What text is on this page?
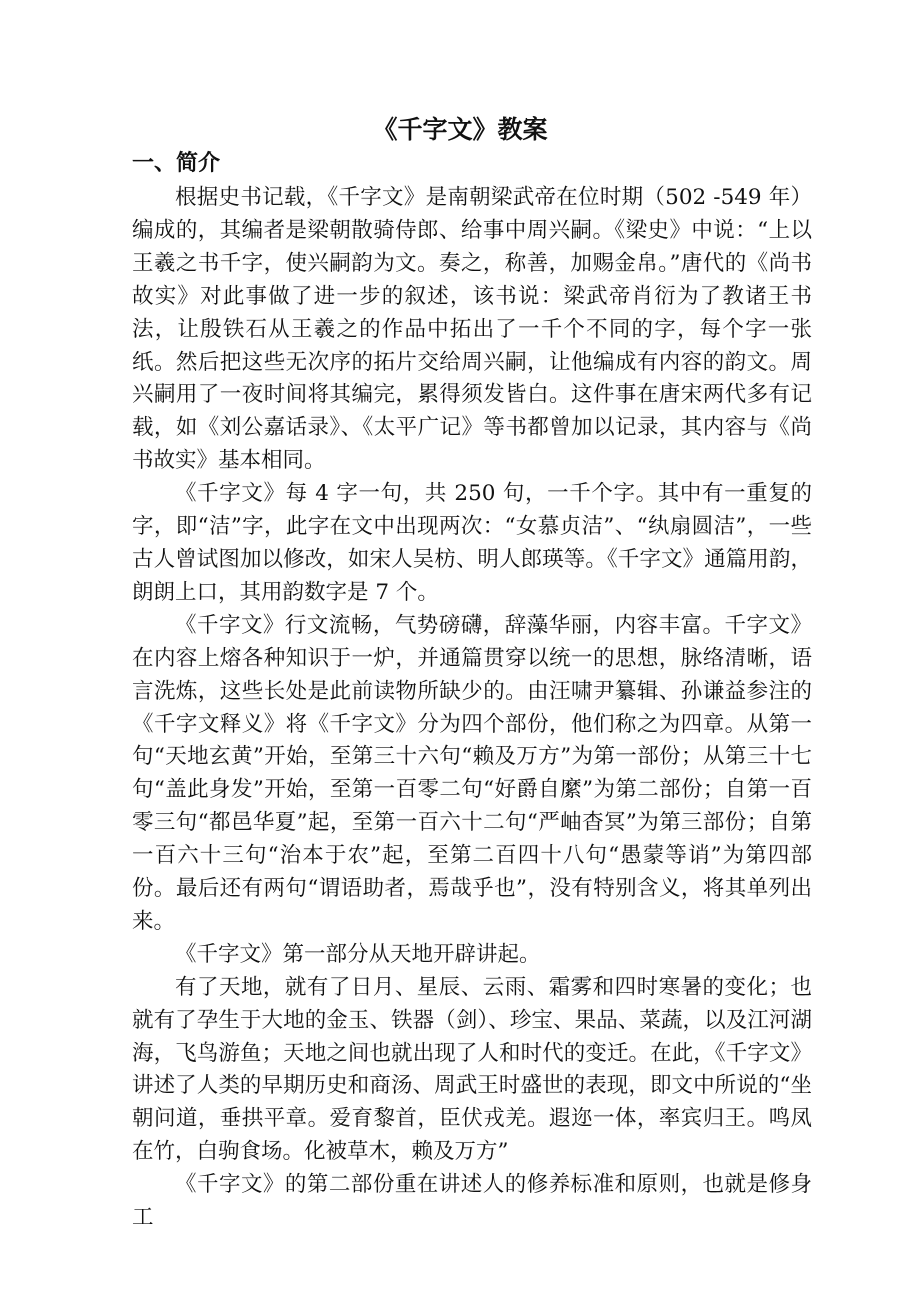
《千字文》教案
一、简介

根据史书记载，《千字文》是南朝梁武帝在位时期（502 -549 年）编成的，其编者是梁朝散骑侍郎、给事中周兴嗣。《梁史》中说：“上以王羲之书千字，使兴嗣韵为文。奏之，称善，加赐金帛。”唐代的《尚书故实》对此事做了进一步的叙述，该书说：梁武帝肖衍为了教诸王书法，让殷铁石从王羲之的作品中拓出了一千个不同的字，每个字一张纸。然后把这些无次序的拓片交给周兴嗣，让他编成有内容的韵文。周兴嗣用了一夜时间将其编完，累得须发皆白。这件事在唐宋两代多有记载，如《刘公嘉话录》、《太平广记》等书都曾加以记录，其内容与《尚书故实》基本相同。

《千字文》每 4 字一句，共 250 句，一千个字。其中有一重复的字，即“洁”字，此字在文中出现两次：“女慕贞洁”、“纨扇圆洁”，一些古人曾试图加以修改，如宋人吴枋、明人郎瑛等。《千字文》通篇用韵，朗朗上口，其用韵数字是 7 个。

《千字文》行文流畅，气势磅礴，辞藻华丽，内容丰富。千字文》在内容上熔各种知识于一炉，并通篇贯穿以统一的思想，脉络清晰，语言洗炼，这些长处是此前读物所缺少的。由汪啸尹纂辑、孙谦益参注的《千字文释义》将《千字文》分为四个部份，他们称之为四章。从第一句“天地玄黄”开始，至第三十六句“赖及万方”为第一部份；从第三十七句“盖此身发”开始，至第一百零二句“好爵自縻”为第二部份；自第一百零三句“都邑华夏”起，至第一百六十二句“严岫杳冥”为第三部份；自第一百六十三句“治本于农”起，至第二百四十八句“愚蒙等诮”为第四部份。最后还有两句“谓语助者，焉哉乎也”，没有特别含义，将其单列出来。

《千字文》第一部分从天地开辟讲起。

有了天地，就有了日月、星辰、云雨、霜雾和四时寒暑的变化；也就有了孕生于大地的金玉、铁器（剑）、珍宝、果品、菜蔬，以及江河湖海，飞鸟游鱼；天地之间也就出现了人和时代的变迁。在此，《千字文》讲述了人类的早期历史和商汤、周武王时盛世的表现，即文中所说的“坐朝问道，垂拱平章。爱育黎首，臣伏戎羌。遐迩一体，率宾归王。鸣凤在竹，白驹食场。化被草木，赖及万方”

《千字文》的第二部份重在讲述人的修养标准和原则，也就是修身工
